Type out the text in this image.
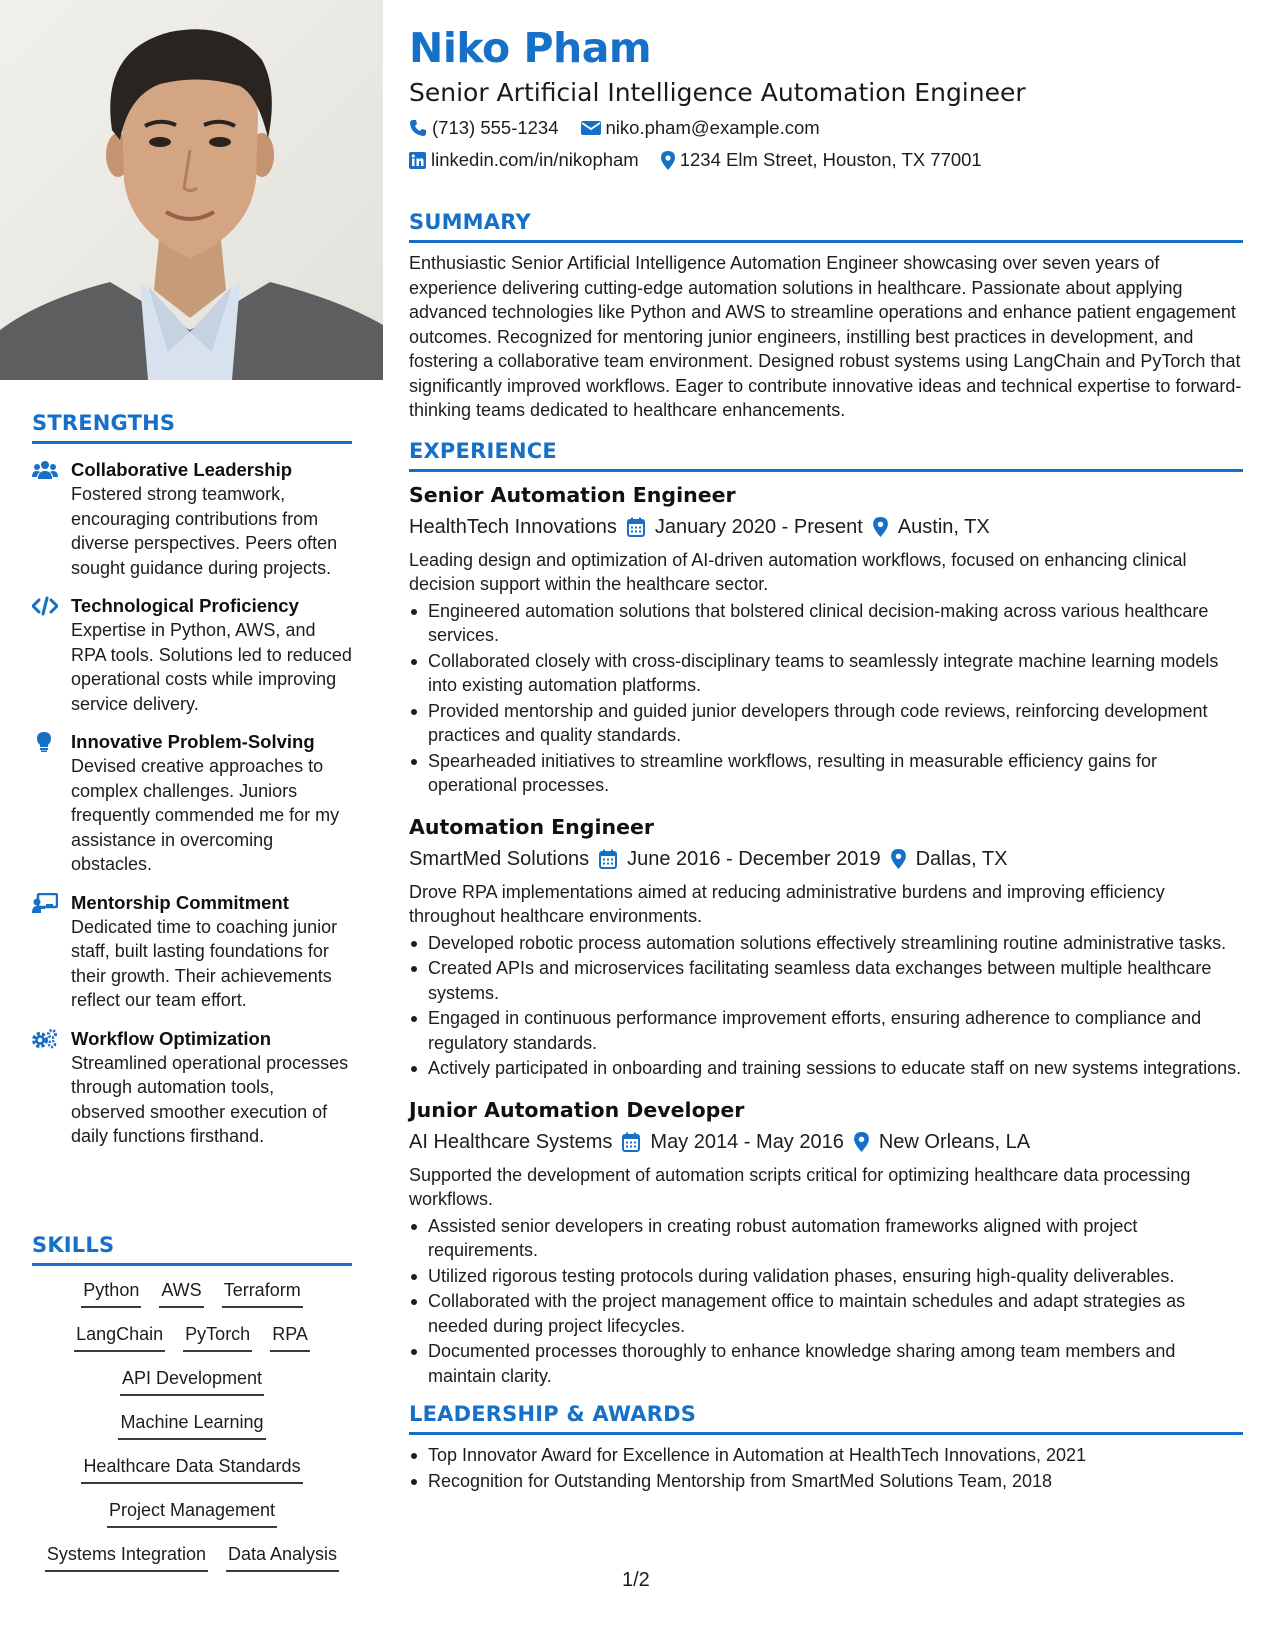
STRENGTHS
Collaborative Leadership
Fostered strong teamwork, encouraging contributions from diverse perspectives. Peers often sought guidance during projects.
Technological Proficiency
Expertise in Python, AWS, and RPA tools. Solutions led to reduced operational costs while improving service delivery.
Innovative Problem-Solving
Devised creative approaches to complex challenges. Juniors frequently commended me for my assistance in overcoming obstacles.
Mentorship Commitment
Dedicated time to coaching junior staff, built lasting foundations for their growth. Their achievements reflect our team effort.
Workflow Optimization
Streamlined operational processes through automation tools, observed smoother execution of daily functions firsthand.
SKILLS
Python AWS Terraform
LangChain PyTorch RPA
API Development
Machine Learning
Healthcare Data Standards
Project Management
Systems Integration Data Analysis
Niko Pham
Senior Artificial Intelligence Automation Engineer
(713) 555-1234	niko.pham@example.com
linkedin.com/in/nikopham 1234 Elm Street, Houston, TX 77001
SUMMARY

Enthusiastic Senior Artificial Intelligence Automation Engineer showcasing over seven years of experience delivering cutting-edge automation solutions in healthcare. Passionate about applying advanced technologies like Python and AWS to streamline operations and enhance patient engagement outcomes. Recognized for mentoring junior engineers, instilling best practices in development, and fostering a collaborative team environment. Designed robust systems using LangChain and PyTorch that significantly improved workflows. Eager to contribute innovative ideas and technical expertise to forward-thinking teams dedicated to healthcare enhancements.

EXPERIENCE
Senior Automation Engineer
HealthTech Innovations January 2020 - Present Austin, TX

Leading design and optimization of AI-driven automation workflows, focused on enhancing clinical decision support within the healthcare sector.

Engineered automation solutions that bolstered clinical decision-making across various healthcare services.
Collaborated closely with cross-disciplinary teams to seamlessly integrate machine learning models into existing automation platforms.
Provided mentorship and guided junior developers through code reviews, reinforcing development practices and quality standards.
Spearheaded initiatives to streamline workflows, resulting in measurable efficiency gains for operational processes.
Automation Engineer
SmartMed Solutions June 2016 - December 2019 Dallas, TX

Drove RPA implementations aimed at reducing administrative burdens and improving efficiency throughout healthcare environments.

Developed robotic process automation solutions effectively streamlining routine administrative tasks.
Created APIs and microservices facilitating seamless data exchanges between multiple healthcare systems.
Engaged in continuous performance improvement efforts, ensuring adherence to compliance and regulatory standards.
Actively participated in onboarding and training sessions to educate staff on new systems integrations.
Junior Automation Developer
AI Healthcare Systems May 2014 - May 2016 New Orleans, LA

Supported the development of automation scripts critical for optimizing healthcare data processing workflows.

Assisted senior developers in creating robust automation frameworks aligned with project requirements.
Utilized rigorous testing protocols during validation phases, ensuring high-quality deliverables.
Collaborated with the project management office to maintain schedules and adapt strategies as needed during project lifecycles.
Documented processes thoroughly to enhance knowledge sharing among team members and maintain clarity.
LEADERSHIP & AWARDS
Top Innovator Award for Excellence in Automation at HealthTech Innovations, 2021
Recognition for Outstanding Mentorship from SmartMed Solutions Team, 2018
1/2
